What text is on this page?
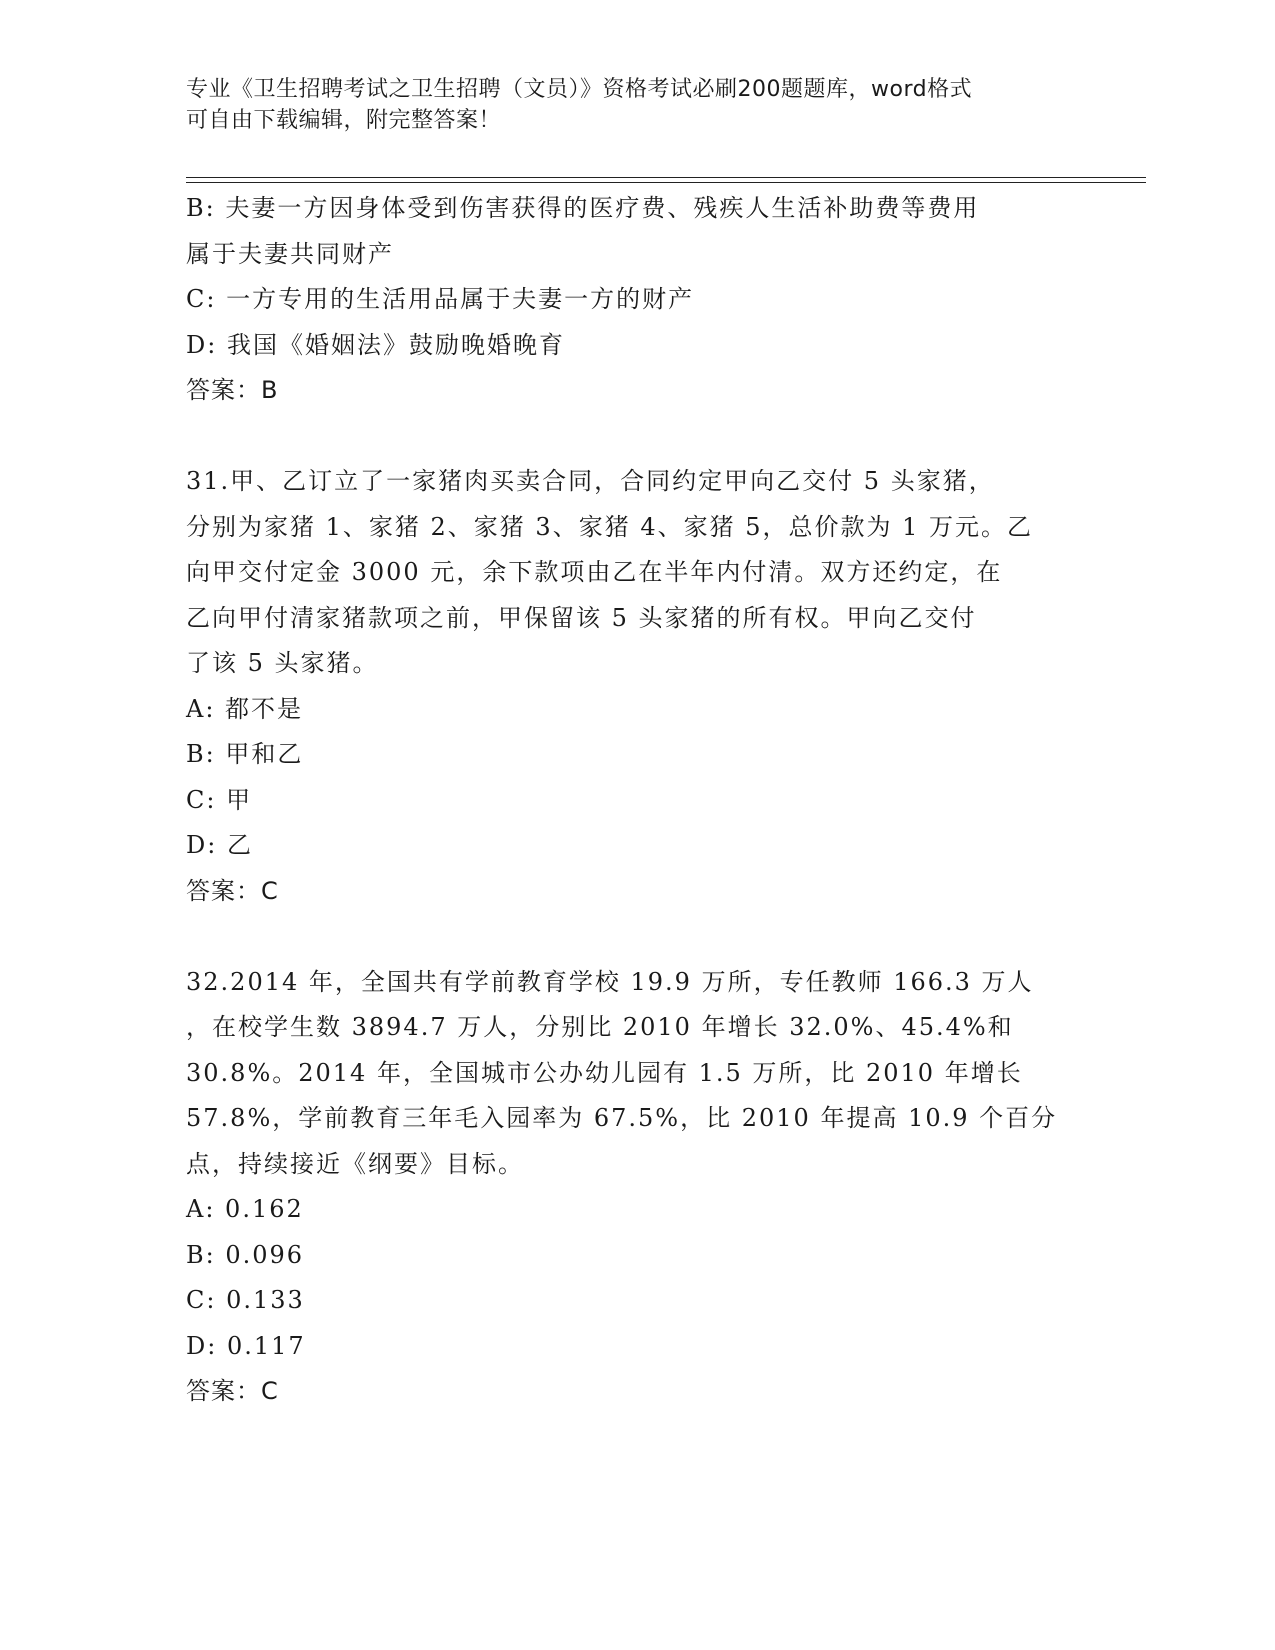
专业《卫生招聘考试之卫生招聘（文员）》资格考试必刷200题题库，word格式
可自由下载编辑，附完整答案！
B: 夫妻一方因身体受到伤害获得的医疗费、残疾人生活补助费等费用
属于夫妻共同财产
C: 一方专用的生活用品属于夫妻一方的财产
D: 我国《婚姻法》鼓励晚婚晚育
答案：B
31.甲、乙订立了一家猪肉买卖合同，合同约定甲向乙交付 5 头家猪，
分别为家猪 1、家猪 2、家猪 3、家猪 4、家猪 5，总价款为 1 万元。乙
向甲交付定金 3000 元，余下款项由乙在半年内付清。双方还约定，在
乙向甲付清家猪款项之前，甲保留该 5 头家猪的所有权。甲向乙交付
了该 5 头家猪。
A: 都不是
B: 甲和乙
C: 甲
D: 乙
答案：C
32.2014 年，全国共有学前教育学校 19.9 万所，专任教师 166.3 万人
，在校学生数 3894.7 万人，分别比 2010 年增长 32.0%、45.4%和
30.8%。2014 年，全国城市公办幼儿园有 1.5 万所，比 2010 年增长
57.8%，学前教育三年毛入园率为 67.5%，比 2010 年提高 10.9 个百分
点，持续接近《纲要》目标。
A: 0.162
B: 0.096
C: 0.133
D: 0.117
答案：C
